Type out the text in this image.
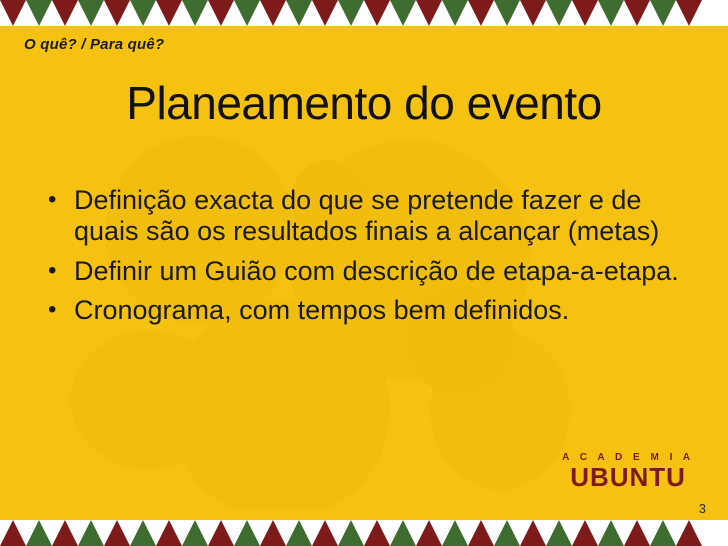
O quê? / Para quê?
Planeamento do evento
• Definição exacta do que se pretende fazer e de quais são os resultados finais a alcançar (metas)
• Definir um Guião com descrição de etapa-a-etapa.
• Cronograma, com tempos bem definidos.
A C A D E M I A
UBUNTU
3
